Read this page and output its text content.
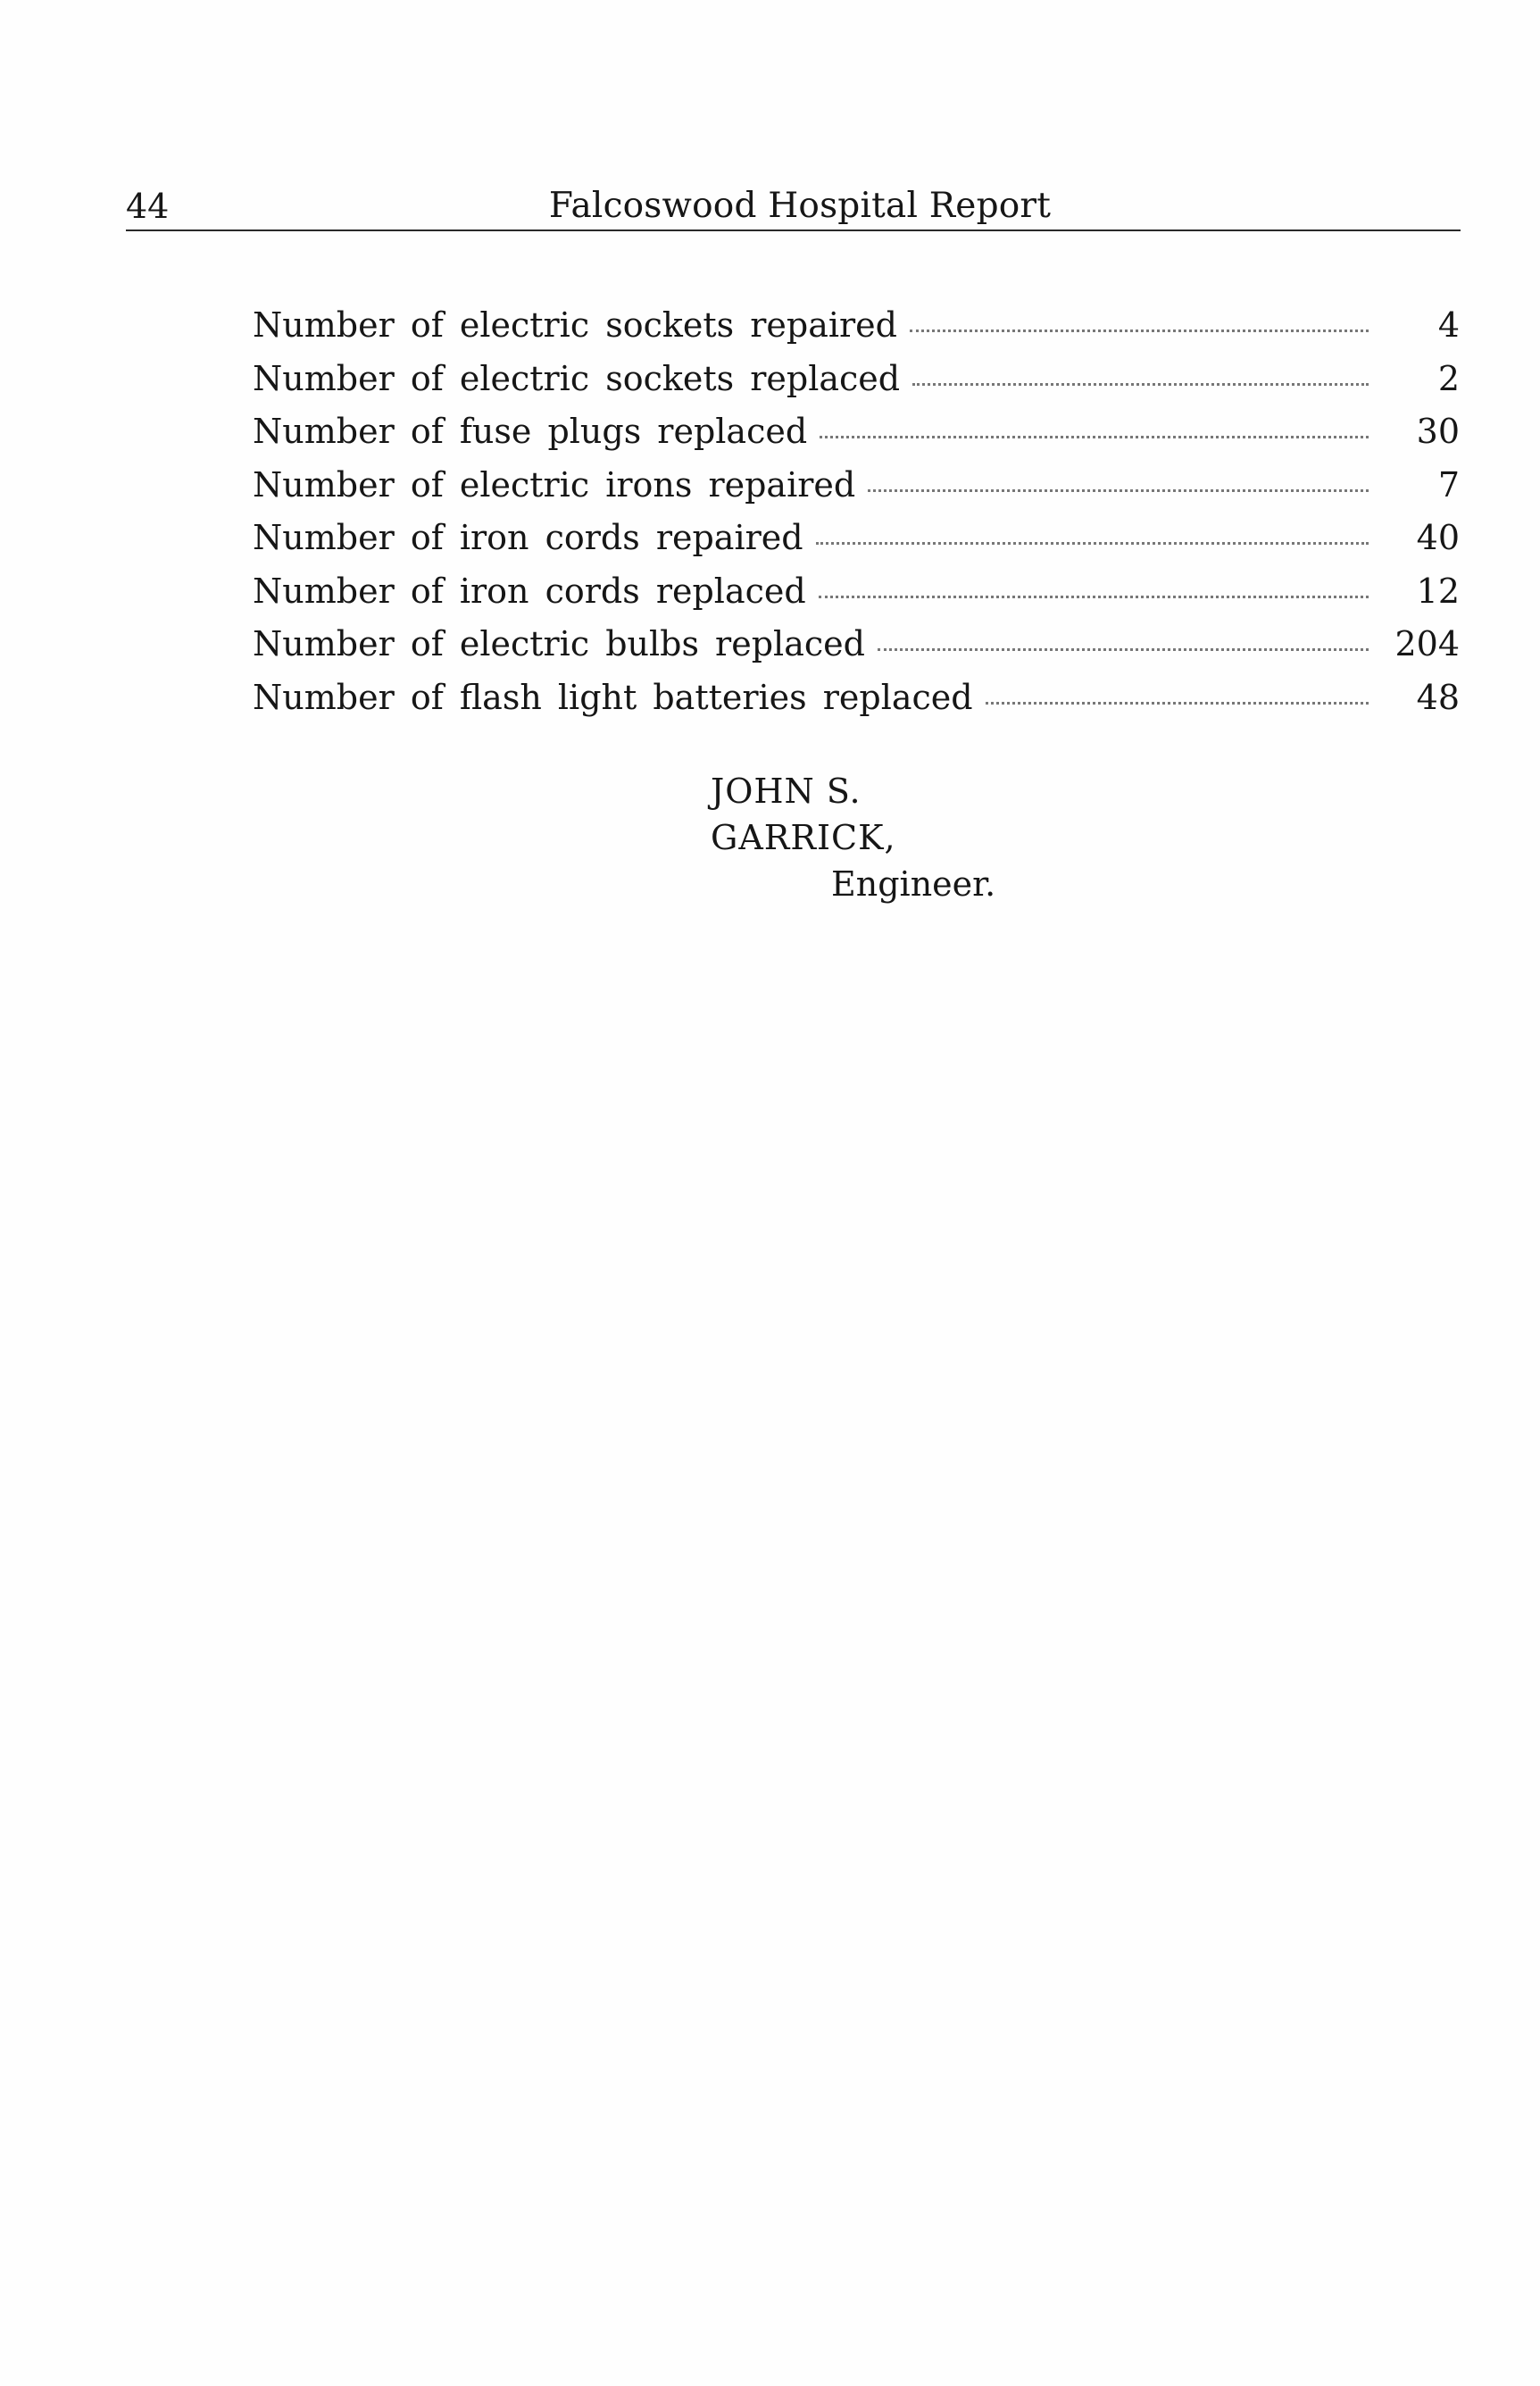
44	Falcoswood Hospital Report
Number of electric sockets repaired	4
Number of electric sockets replaced	2
Number of fuse plugs replaced	30
Number of electric irons repaired	7
Number of iron cords repaired	40
Number of iron cords replaced	12
Number of electric bulbs replaced	204
Number of flash light batteries replaced	48
JOHN S. GARRICK,
Engineer.
